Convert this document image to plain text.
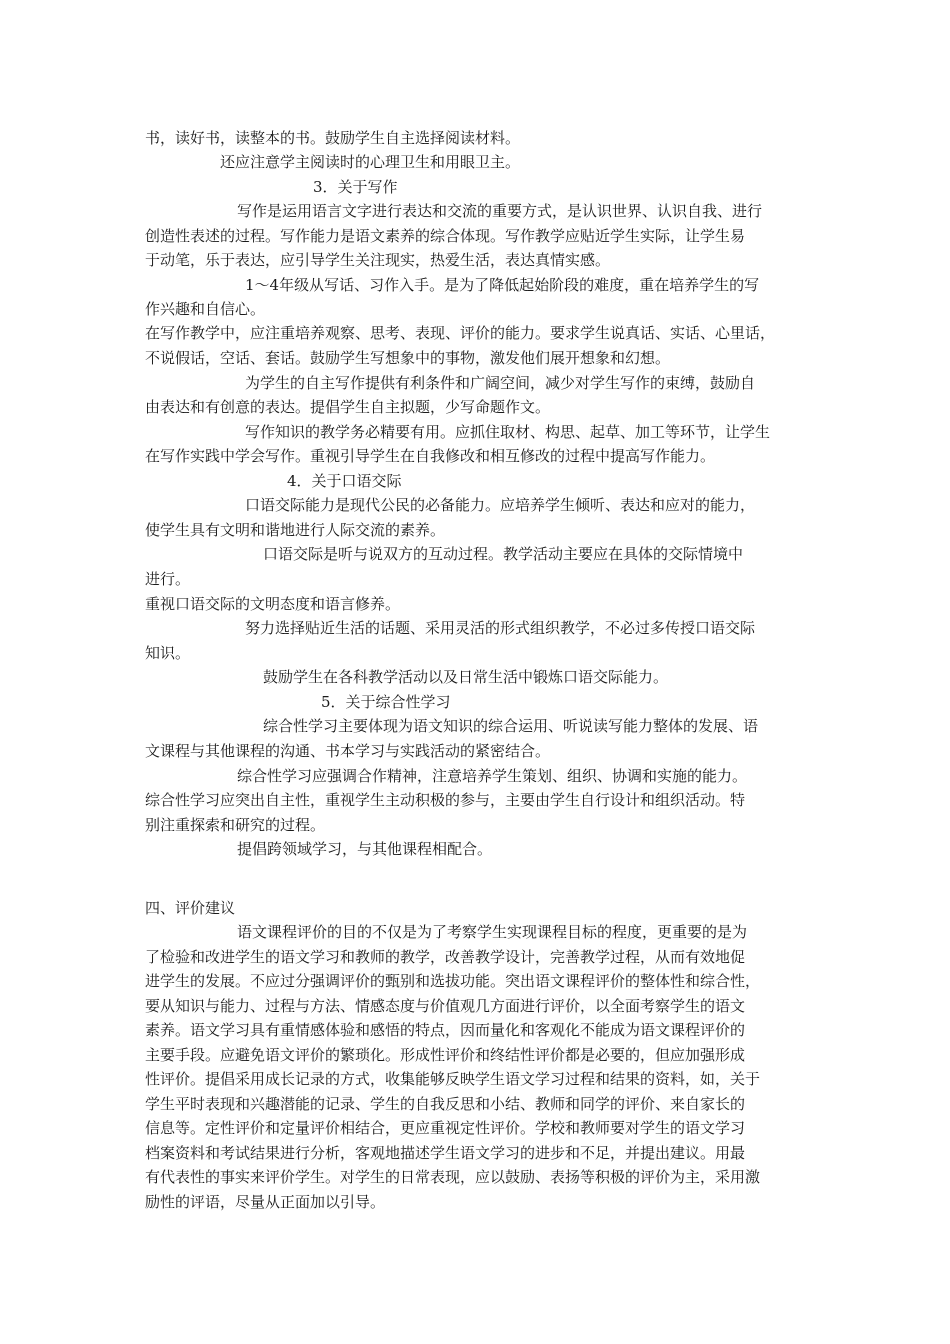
书，读好书，读整本的书。鼓励学生自主选择阅读材料。
还应注意学主阅读时的心理卫生和用眼卫主。
3．关于写作
写作是运用语言文字进行表达和交流的重要方式，是认识世界、认识自我、进行
创造性表述的过程。写作能力是语文素养的综合体现。写作教学应贴近学生实际，让学生易
于动笔，乐于表达，应引导学生关注现实，热爱生活，表达真情实感。
1～4年级从写话、习作入手。是为了降低起始阶段的难度，重在培养学生的写
作兴趣和自信心。
在写作教学中，应注重培养观察、思考、表现、评价的能力。要求学生说真话、实话、心里话，
不说假话，空话、套话。鼓励学生写想象中的事物，激发他们展开想象和幻想。
为学生的自主写作提供有利条件和广阔空间，减少对学生写作的束缚，鼓励自
由表达和有创意的表达。提倡学生自主拟题，少写命题作文。
写作知识的教学务必精要有用。应抓住取材、构思、起草、加工等环节，让学生
在写作实践中学会写作。重视引导学生在自我修改和相互修改的过程中提高写作能力。
4．关于口语交际
口语交际能力是现代公民的必备能力。应培养学生倾听、表达和应对的能力，
使学生具有文明和谐地进行人际交流的素养。
口语交际是听与说双方的互动过程。教学活动主要应在具体的交际情境中
进行。
重视口语交际的文明态度和语言修养。
努力选择贴近生活的话题、采用灵活的形式组织教学，不必过多传授口语交际
知识。
鼓励学生在各科教学活动以及日常生活中锻炼口语交际能力。
5．关于综合性学习
综合性学习主要体现为语文知识的综合运用、听说读写能力整体的发展、语
文课程与其他课程的沟通、书本学习与实践活动的紧密结合。
综合性学习应强调合作精神，注意培养学生策划、组织、协调和实施的能力。
综合性学习应突出自主性，重视学生主动积极的参与，主要由学生自行设计和组织活动。特
别注重探索和研究的过程。
提倡跨领域学习，与其他课程相配合。
四、评价建议
语文课程评价的目的不仅是为了考察学生实现课程目标的程度，更重要的是为
了检验和改进学生的语文学习和教师的教学，改善教学设计，完善教学过程，从而有效地促
进学生的发展。不应过分强调评价的甄别和选拔功能。突出语文课程评价的整体性和综合性，
要从知识与能力、过程与方法、情感态度与价值观几方面进行评价，以全面考察学生的语文
素养。语文学习具有重情感体验和感悟的特点，因而量化和客观化不能成为语文课程评价的
主要手段。应避免语文评价的繁琐化。形成性评价和终结性评价都是必要的，但应加强形成
性评价。提倡采用成长记录的方式，收集能够反映学生语文学习过程和结果的资料，如，关于
学生平时表现和兴趣潜能的记录、学生的自我反思和小结、教师和同学的评价、来自家长的
信息等。定性评价和定量评价相结合，更应重视定性评价。学校和教师要对学生的语文学习
档案资料和考试结果进行分析，客观地描述学生语文学习的进步和不足，并提出建议。用最
有代表性的事实来评价学生。对学生的日常表现，应以鼓励、表扬等积极的评价为主，采用激
励性的评语，尽量从正面加以引导。
